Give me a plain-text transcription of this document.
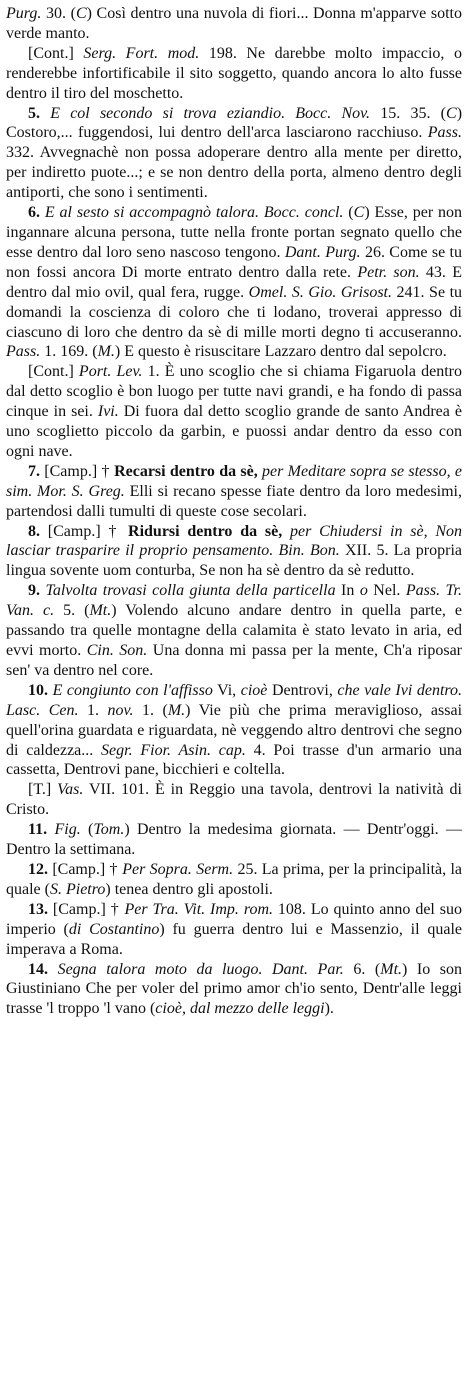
Purg. 30. (C) Così dentro una nuvola di fiori... Donna m'apparve sotto verde manto.

[Cont.] Serg. Fort. mod. 198. Ne darebbe molto impaccio, o renderebbe infortificabile il sito soggetto, quando ancora lo alto fusse dentro il tiro del moschetto.

5. E col secondo si trova eziandio. Bocc. Nov. 15. 35. (C) Costoro,... fuggendosi, lui dentro dell'arca lasciarono racchiuso. Pass. 332. Avvegnachè non possa adoperare dentro alla mente per diretto, per indiretto puote...; e se non dentro della porta, almeno dentro degli antiporti, che sono i sentimenti.

6. E al sesto si accompagnò talora. Bocc. concl. (C) Esse, per non ingannare alcuna persona, tutte nella fronte portan segnato quello che esse dentro dal loro seno nascoso tengono. Dant. Purg. 26. Come se tu non fossi ancora Di morte entrato dentro dalla rete. Petr. son. 43. E dentro dal mio ovil, qual fera, rugge. Omel. S. Gio. Grisost. 241. Se tu domandi la coscienza di coloro che ti lodano, troverai appresso di ciascuno di loro che dentro da sè di mille morti degno ti accuseranno. Pass. 1. 169. (M.) E questo è risuscitare Lazzaro dentro dal sepolcro.

[Cont.] Port. Lev. 1. È uno scoglio che si chiama Figaruola dentro dal detto scoglio è bon luogo per tutte navi grandi, e ha fondo di passa cinque in sei. Ivi. Di fuora dal detto scoglio grande de santo Andrea è uno scoglietto piccolo da garbin, e puossi andar dentro da esso con ogni nave.

7. [Camp.] † Recarsi dentro da sè, per Meditare sopra se stesso, e sim. Mor. S. Greg. Elli si recano spesse fiate dentro da loro medesimi, partendosi dalli tumulti di queste cose secolari.

8. [Camp.] † Ridursi dentro da sè, per Chiudersi in sè, Non lasciar trasparire il proprio pensamento. Bin. Bon. XII. 5. La propria lingua sovente uom conturba, Se non ha sè dentro da sè redutto.

9. Talvolta trovasi colla giunta della particella In o Nel. Pass. Tr. Van. c. 5. (Mt.) Volendo alcuno andare dentro in quella parte, e passando tra quelle montagne della calamita è stato levato in aria, ed evvi morto. Cin. Son. Una donna mi passa per la mente, Ch'a riposar sen' va dentro nel core.

10. E congiunto con l'affisso Vi, cioè Dentrovi, che vale Ivi dentro. Lasc. Cen. 1. nov. 1. (M.) Vie più che prima meraviglioso, assai quell'orina guardata e riguardata, nè veggendo altro dentrovi che segno di caldezza... Segr. Fior. Asin. cap. 4. Poi trasse d'un armario una cassetta, Dentrovi pane, bicchieri e coltella.

[T.] Vas. VII. 101. È in Reggio una tavola, dentrovi la natività di Cristo.

11. Fig. (Tom.) Dentro la medesima giornata. — Dentr'oggi. — Dentro la settimana.

12. [Camp.] † Per Sopra. Serm. 25. La prima, per la principalità, la quale (S. Pietro) tenea dentro gli apostoli.

13. [Camp.] † Per Tra. Vit. Imp. rom. 108. Lo quinto anno del suo imperio (di Costantino) fu guerra dentro lui e Massenzio, il quale imperava a Roma.

14. Segna talora moto da luogo. Dant. Par. 6. (Mt.) Io son Giustiniano Che per voler del primo amor ch'io sento, Dentr'alle leggi trasse 'l troppo 'l vano (cioè, dal mezzo delle leggi).
